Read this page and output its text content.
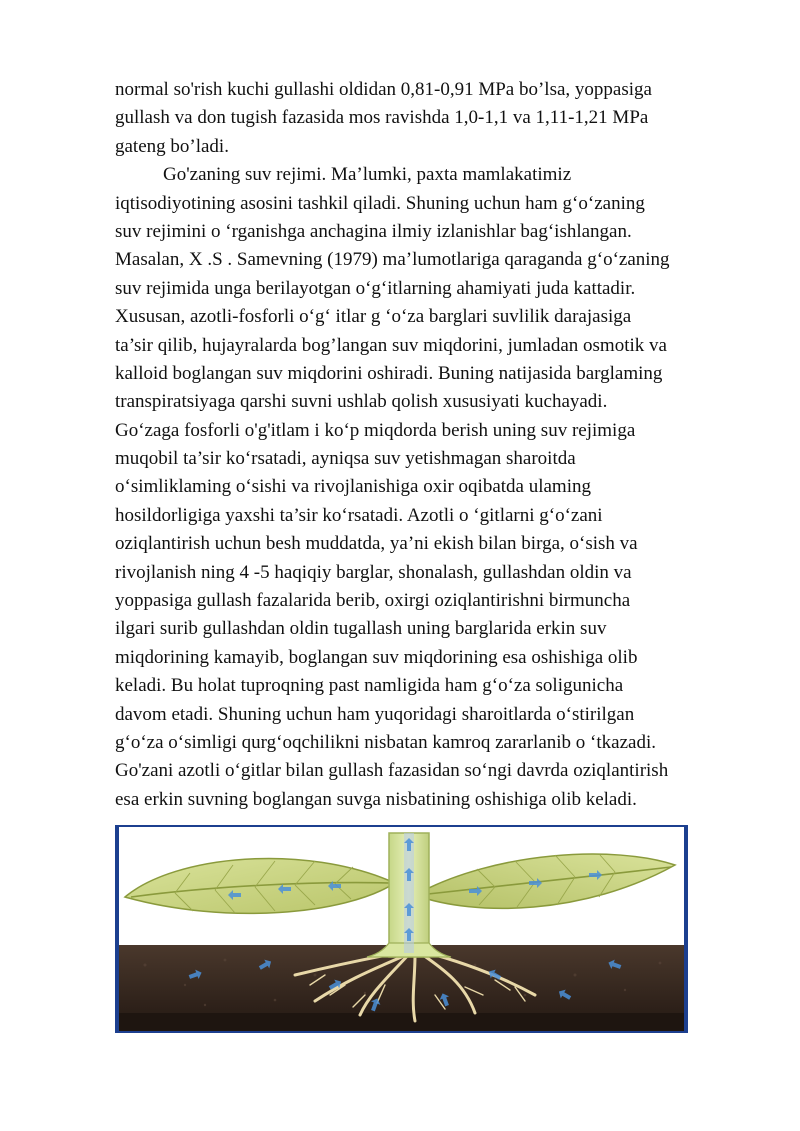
normal so'rish kuchi gullashi oldidan 0,81-0,91 MPa bo’lsa, yoppasiga
gullash va don tugish fazasida mos ravishda 1,0-1,1 va 1,11-1,21 MPa
gateng bo’ladi.
Go'zaning suv rejimi. Ma’lumki, paxta mamlakatimiz
iqtisodiyotining asosini tashkil qiladi. Shuning uchun ham g‘o‘zaning
suv rejimini o ‘rganishga anchagina ilmiy izlanishlar bag‘ishlangan.
Masalan, X .S . Samevning (1979) ma’lumotlariga qaraganda g‘o‘zaning
suv rejimida unga berilayotgan o‘g‘itlarning ahamiyati juda kattadir.
Xususan, azotli-fosforli o‘g‘ itlar g ‘o‘za barglari suvlilik darajasiga
ta’sir qilib, hujayralarda bog’langan suv miqdorini, jumladan osmotik va
kalloid boglangan suv miqdorini oshiradi. Buning natijasida barglaming
transpiratsiyaga qarshi suvni ushlab qolish xususiyati kuchayadi.
Go‘zaga fosforli o'g'itlam i ko‘p miqdorda berish uning suv rejimiga
muqobil ta’sir ko‘rsatadi, ayniqsa suv yetishmagan sharoitda
o‘simliklaming o‘sishi va rivojlanishiga oxir oqibatda ulaming
hosildorligiga yaxshi ta’sir ko‘rsatadi. Azotli o ‘gitlarni g‘o‘zani
oziqlantirish uchun besh muddatda, ya’ni ekish bilan birga, o‘sish va
rivojlanish ning 4 -5 haqiqiy barglar, shonalash, gullashdan oldin va
yoppasiga gullash fazalarida berib, oxirgi oziqlantirishni birmuncha
ilgari surib gullashdan oldin tugallash uning barglarida erkin suv
miqdorining kamayib, boglangan suv miqdorining esa oshishiga olib
keladi. Bu holat tuproqning past namligida ham g‘o‘za soligunicha
davom etadi. Shuning uchun ham yuqoridagi sharoitlarda o‘stirilgan
g‘o‘za o‘simligi qurg‘oqchilikni nisbatan kamroq zararlanib o ‘tkazadi.
Go'zani azotli o‘gitlar bilan gullash fazasidan so‘ngi davrda oziqlantirish
esa erkin suvning boglangan suvga nisbatining oshishiga olib keladi.
